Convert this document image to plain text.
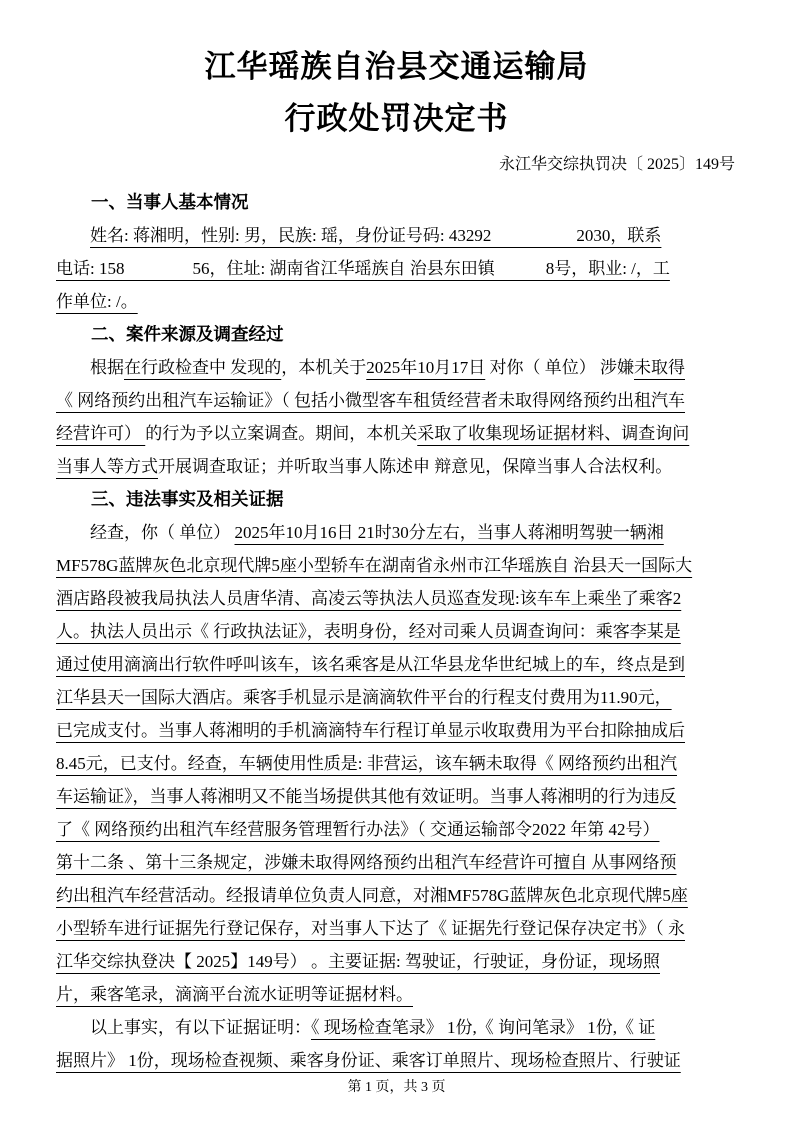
江华瑶族自治县交通运输局
行政处罚决定书
永江华交综执罚决〔 2025〕149号
一、当事人基本情况
姓名: 蒋湘明，性别: 男，民族: 瑶，身份证号码: 43292　　　　　2030，联系
电话: 158　　　　56，住址: 湖南省江华瑶族自 治县东田镇　　　8号，职业: /，工
作单位: /。
二、案件来源及调查经过
根据在行政检查中 发现的，本机关于2025年10月17日 对你（ 单位） 涉嫌未取得
《 网络预约出租汽车运输证》（ 包括小微型客车租赁经营者未取得网络预约出租汽车
经营许可） 的行为予以立案调查。期间，本机关采取了收集现场证据材料、调查询问
当事人等方式开展调查取证；并听取当事人陈述申 辩意见，保障当事人合法权利。
三、违法事实及相关证据
经查，你（ 单位） 2025年10月16日 21时30分左右，当事人蒋湘明驾驶一辆湘
MF578G蓝牌灰色北京现代牌5座小型轿车在湖南省永州市江华瑶族自 治县天一国际大
酒店路段被我局执法人员唐华清、高凌云等执法人员巡查发现:该车车上乘坐了乘客2
人。执法人员出示《 行政执法证》，表明身份，经对司乘人员调查询问：乘客李某是
通过使用滴滴出行软件呼叫该车，该名乘客是从江华县龙华世纪城上的车，终点是到
江华县天一国际大酒店。乘客手机显示是滴滴软件平台的行程支付费用为11.90元，
已完成支付。当事人蒋湘明的手机滴滴特车行程订单显示收取费用为平台扣除抽成后
8.45元，已支付。经查，车辆使用性质是: 非营运，该车辆未取得《 网络预约出租汽
车运输证》，当事人蒋湘明又不能当场提供其他有效证明。当事人蒋湘明的行为违反
了《 网络预约出租汽车经营服务管理暂行办法》（ 交通运输部令2022 年第 42号）
第十二条 、第十三条规定，涉嫌未取得网络预约出租汽车经营许可擅自 从事网络预
约出租汽车经营活动。经报请单位负责人同意，对湘MF578G蓝牌灰色北京现代牌5座
小型轿车进行证据先行登记保存，对当事人下达了《 证据先行登记保存决定书》（ 永
江华交综执登决【 2025】149号） 。主要证据: 驾驶证，行驶证，身份证，现场照
片，乘客笔录，滴滴平台流水证明等证据材料。
以上事实，有以下证据证明：《 现场检查笔录》 1份,《 询问笔录》 1份,《 证
据照片》 1份，现场检查视频、乘客身份证、乘客订单照片、现场检查照片、行驶证
第 1 页，共 3 页
